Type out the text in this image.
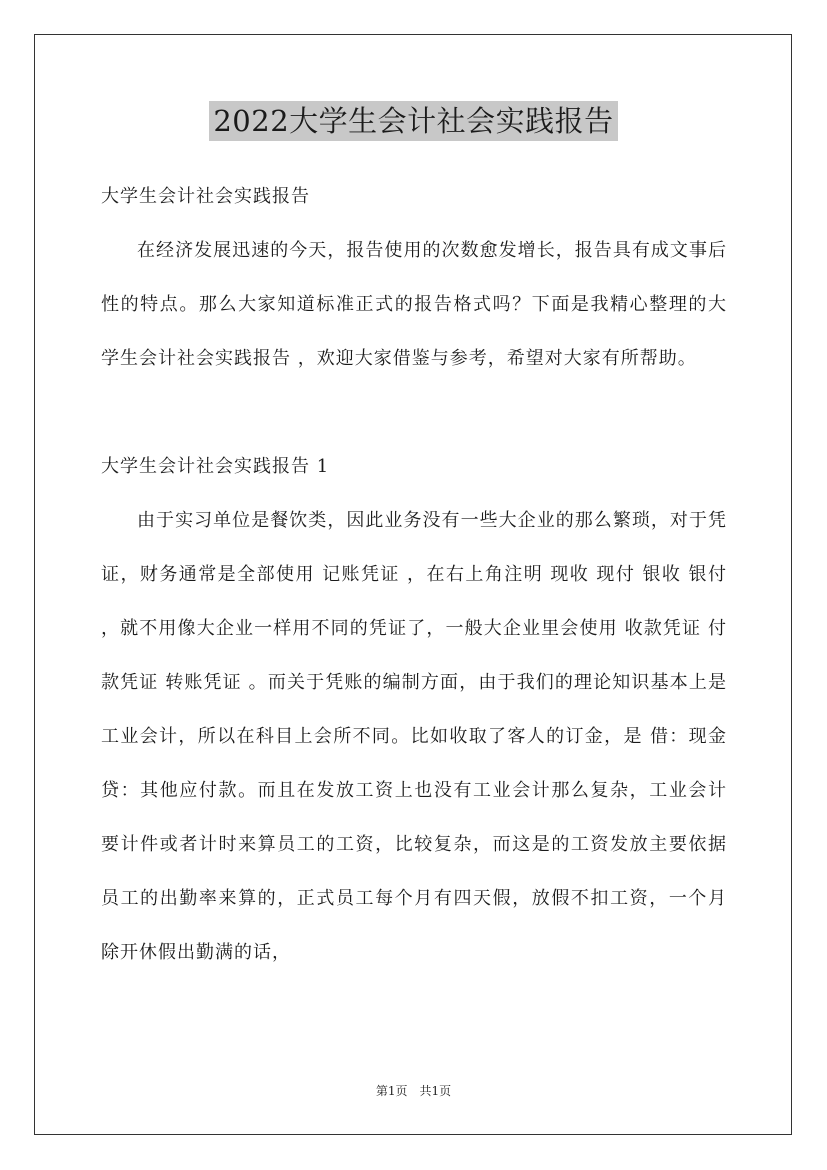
2022大学生会计社会实践报告

大学生会计社会实践报告

在经济发展迅速的今天，报告使用的次数愈发增长，报告具有成文事后性的特点。那么大家知道标准正式的报告格式吗？下面是我精心整理的大学生会计社会实践报告 ，欢迎大家借鉴与参考，希望对大家有所帮助。

大学生会计社会实践报告 1

由于实习单位是餐饮类，因此业务没有一些大企业的那么繁琐，对于凭证，财务通常是全部使用 记账凭证 ，在右上角注明 现收 现付 银收 银付 ，就不用像大企业一样用不同的凭证了，一般大企业里会使用 收款凭证 付款凭证 转账凭证 。而关于凭账的编制方面，由于我们的理论知识基本上是工业会计，所以在科目上会所不同。比如收取了客人的订金，是 借：现金 贷：其他应付款。而且在发放工资上也没有工业会计那么复杂，工业会计要计件或者计时来算员工的工资，比较复杂，而这是的工资发放主要依据员工的出勤率来算的，正式员工每个月有四天假，放假不扣工资，一个月除开休假出勤满的话，

第1页 共1页
